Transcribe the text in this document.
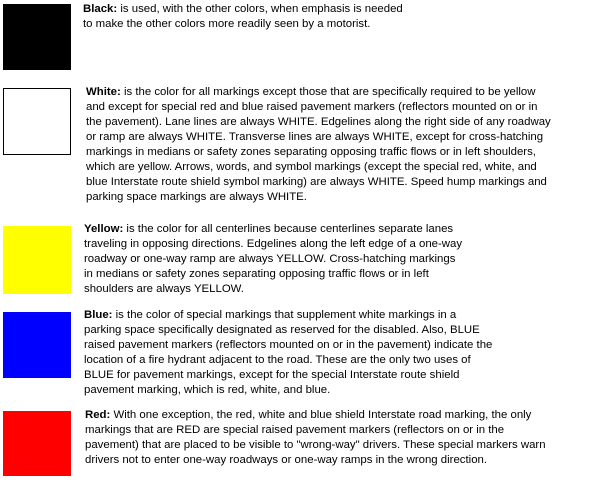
Black: is used, with the other colors, when emphasis is needed
to make the other colors more readily seen by a motorist.
White: is the color for all markings except those that are specifically required to be yellow
and except for special red and blue raised pavement markers (reflectors mounted on or in
the pavement). Lane lines are always WHITE. Edgelines along the right side of any roadway
or ramp are always WHITE. Transverse lines are always WHITE, except for cross-hatching
markings in medians or safety zones separating opposing traffic flows or in left shoulders,
which are yellow. Arrows, words, and symbol markings (except the special red, white, and
blue Interstate route shield symbol marking) are always WHITE. Speed hump markings and
parking space markings are always WHITE.
Yellow: is the color for all centerlines because centerlines separate lanes
traveling in opposing directions. Edgelines along the left edge of a one-way
roadway or one-way ramp are always YELLOW. Cross-hatching markings
in medians or safety zones separating opposing traffic flows or in left
shoulders are always YELLOW.
Blue: is the color of special markings that supplement white markings in a
parking space specifically designated as reserved for the disabled. Also, BLUE
raised pavement markers (reflectors mounted on or in the pavement) indicate the
location of a fire hydrant adjacent to the road. These are the only two uses of
BLUE for pavement markings, except for the special Interstate route shield
pavement marking, which is red, white, and blue.
Red: With one exception, the red, white and blue shield Interstate road marking, the only
markings that are RED are special raised pavement markers (reflectors on or in the
pavement) that are placed to be visible to "wrong-way" drivers. These special markers warn
drivers not to enter one-way roadways or one-way ramps in the wrong direction.
